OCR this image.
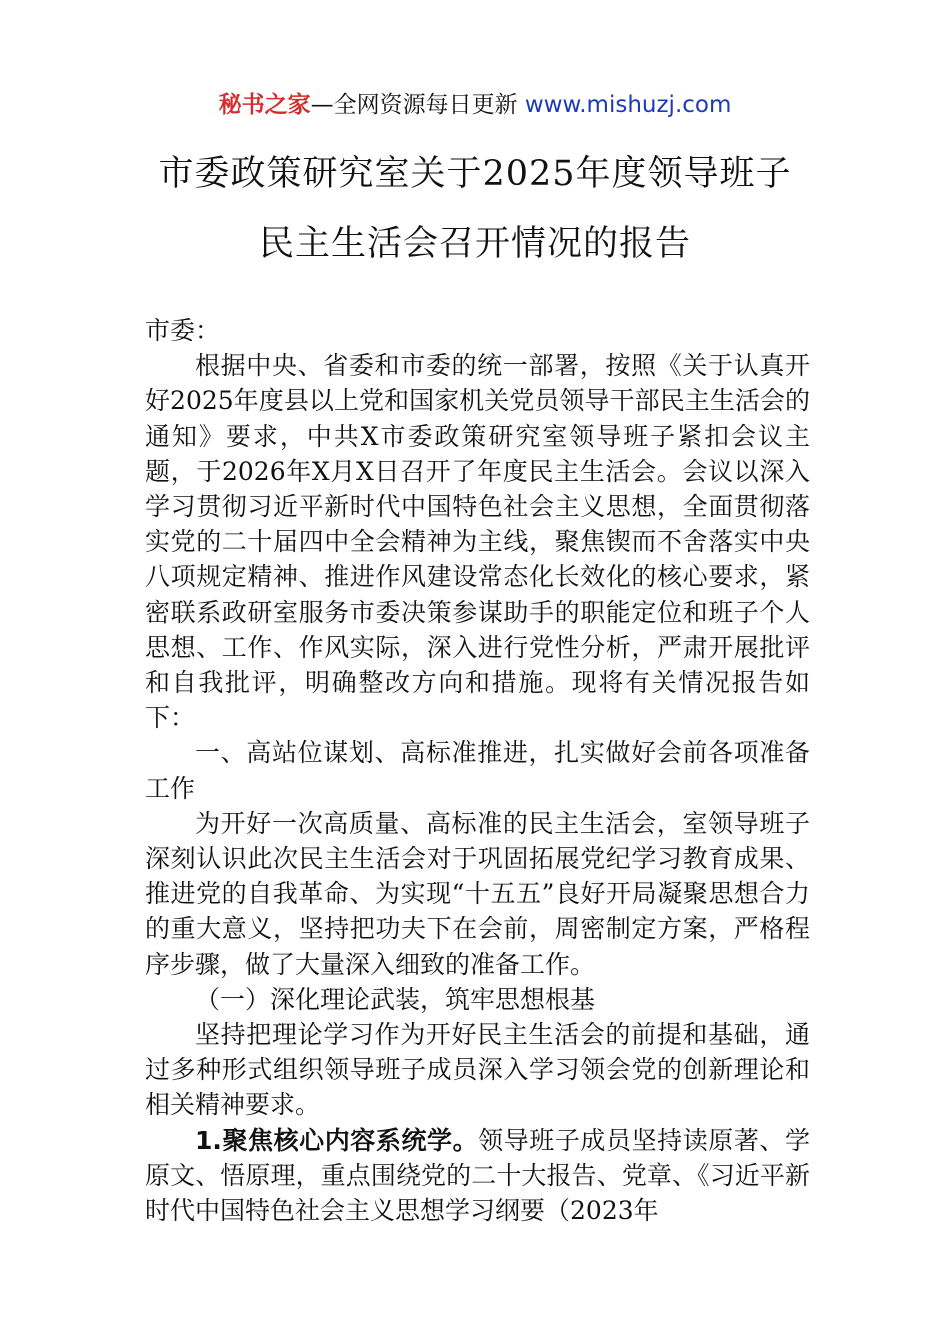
秘书之家—全网资源每日更新 www.mishuzj.com
市委政策研究室关于2025年度领导班子
民主生活会召开情况的报告

市委：

根据中央、省委和市委的统一部署，按照《关于认真开好2025年度县以上党和国家机关党员领导干部民主生活会的通知》要求，中共X市委政策研究室领导班子紧扣会议主题，于2026年X月X日召开了年度民主生活会。会议以深入学习贯彻习近平新时代中国特色社会主义思想，全面贯彻落实党的二十届四中全会精神为主线，聚焦锲而不舍落实中央八项规定精神、推进作风建设常态化长效化的核心要求，紧密联系政研室服务市委决策参谋助手的职能定位和班子个人思想、工作、作风实际，深入进行党性分析，严肃开展批评和自我批评，明确整改方向和措施。现将有关情况报告如下：

一、高站位谋划、高标准推进，扎实做好会前各项准备工作

为开好一次高质量、高标准的民主生活会，室领导班子深刻认识此次民主生活会对于巩固拓展党纪学习教育成果、推进党的自我革命、为实现“十五五”良好开局凝聚思想合力的重大意义，坚持把功夫下在会前，周密制定方案，严格程序步骤，做了大量深入细致的准备工作。

（一）深化理论武装，筑牢思想根基

坚持把理论学习作为开好民主生活会的前提和基础，通过多种形式组织领导班子成员深入学习领会党的创新理论和相关精神要求。

1.聚焦核心内容系统学。领导班子成员坚持读原著、学原文、悟原理，重点围绕党的二十大报告、党章、《习近平新时代中国特色社会主义思想学习纲要（2023年
